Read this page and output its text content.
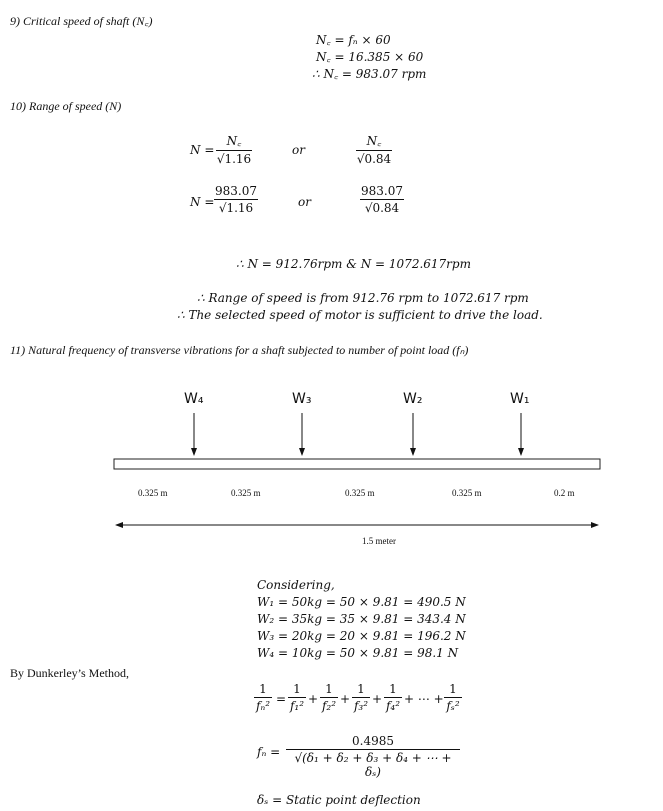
9) Critical speed of shaft (N꜀)
N꜀ = fₙ × 60
N꜀ = 16.385 × 60
∴ N꜀ = 983.07 rpm
10) Range of speed (N)
N =
N꜀
√1.16
or
N꜀
√0.84
N =
983.07
√1.16	or
983.07
√0.84
∴ N = 912.76rpm & N = 1072.617rpm
∴ Range of speed is from 912.76 rpm to 1072.617 rpm
∴ The selected speed of motor is sufficient to drive the load.
11) Natural frequency of transverse vibrations for a shaft subjected to number of point load (fₙ)
W₄	W₃	W₂	W₁
0.325 m	0.325 m	0.325 m	0.325 m	0.2 m
1.5 meter
Considering,
W₁ = 50kg = 50 × 9.81 = 490.5 N
W₂ = 35kg = 35 × 9.81 = 343.4 N
W₃ = 20kg = 20 × 9.81 = 196.2 N
W₄ = 10kg = 50 × 9.81 = 98.1 N
By Dunkerley’s Method,
1
fₙ² =
1
f₁² +
1
f₂² +
1
f₃² +
1
f₄² + ⋯ +
1
fₛ²
fₙ =
0.4985
√(δ₁ + δ₂ + δ₃ + δ₄ + ⋯ + δₛ)
δₛ = Static point deflection
